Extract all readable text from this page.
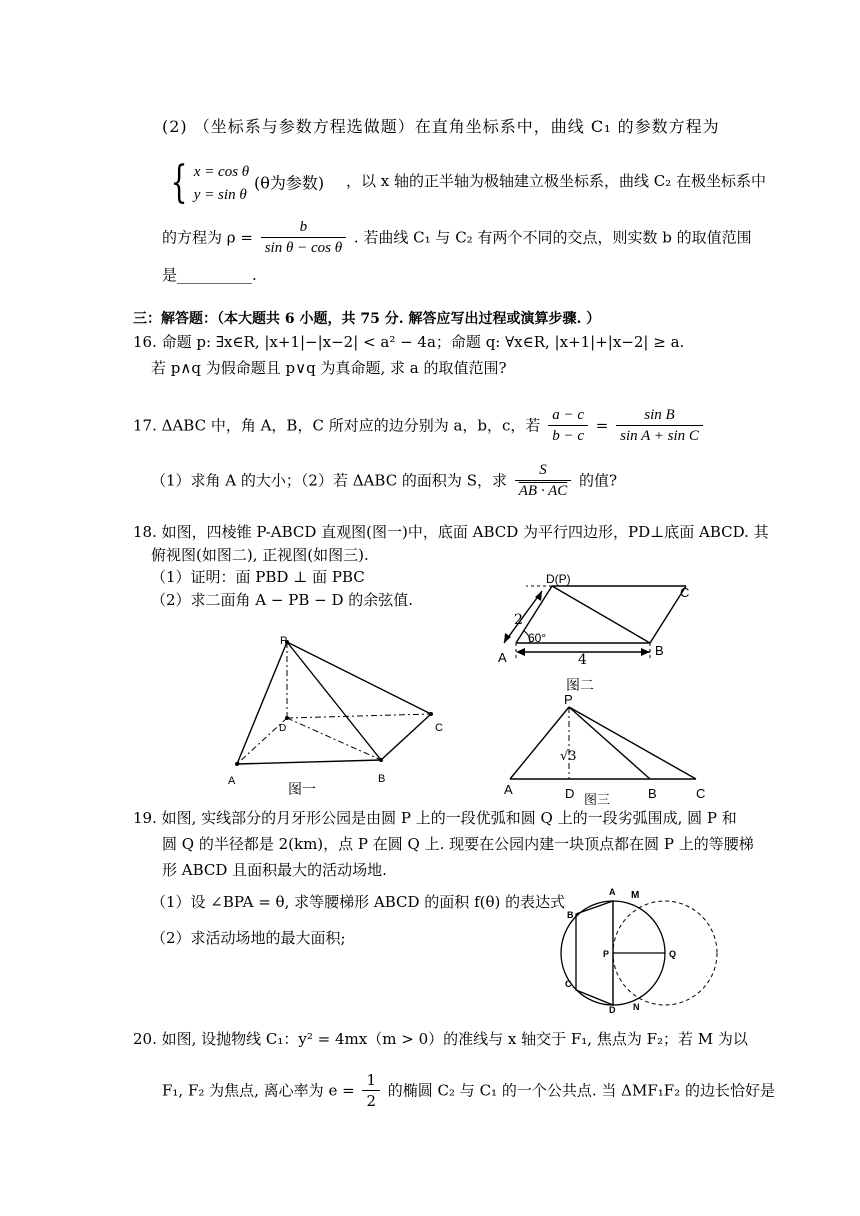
(2) （坐标系与参数方程选做题）在直角坐标系中，曲线 C₁ 的参数方程为
{ x = cos θ
y = sin θ (θ为参数) ，以 x 轴的正半轴为极轴建立极坐标系，曲线 C₂ 在极坐标系中
的方程为 $\rho = \frac{b}{\text{sin θ − cos θ}}$ . 若曲线 C₁ 与 C₂ 有两个不同的交点，则实数 b 的取值范围
是__________.
三：解答题：（本大题共 6 小题，共 75 分. 解答应写出过程或演算步骤. ）
16. 命题 p: ∃x∈R, |x+1|−|x−2| < a² − 4a；命题 q: ∀x∈R, |x+1|+|x−2| ≥ a.
若 p∧q 为假命题且 p∨q 为真命题, 求 a 的取值范围?
17. ΔABC 中，角 A，B，C 所对应的边分别为 a，b，c，若 $\frac{a - c}{b - c} = \frac{\text{sin B}}{\text{sin A + sin C}}$
（1）求角 A 的大小；（2）若 ΔABC 的面积为 S，求 $\frac{S}{AB \cdot AC}$ 的值?
18. 如图，四棱锥 P-ABCD 直观图(图一)中，底面 ABCD 为平行四边形，PD⊥底面 ABCD. 其
俯视图(如图二), 正视图(如图三).
（1）证明：面 PBD ⊥ 面 PBC
（2）求二面角 A − PB − D 的余弦值.
P
D	C
A	B
图一
D(P)
C
A	B
2
60°
4
图二
P
√3
A	D	B	C
图三
19. 如图, 实线部分的月牙形公园是由圆 P 上的一段优弧和圆 Q 上的一段劣弧围成, 圆 P 和
圆 Q 的半径都是 2(km)，点 P 在圆 Q 上. 现要在公园内建一块顶点都在圆 P 上的等腰梯
形 ABCD 且面积最大的活动场地.
（1）设 ∠BPA = θ, 求等腰梯形 ABCD 的面积 f(θ) 的表达式
（2）求活动场地的最大面积;
A M
B
P	Q
C
D N
20. 如图, 设抛物线 C₁：y² = 4mx（m > 0）的准线与 x 轴交于 F₁, 焦点为 F₂；若 M 为以
F₁, F₂ 为焦点, 离心率为 $e = \frac{1}{2}$ 的椭圆 C₂ 与 C₁ 的一个公共点. 当 ΔMF₁F₂ 的边长恰好是
